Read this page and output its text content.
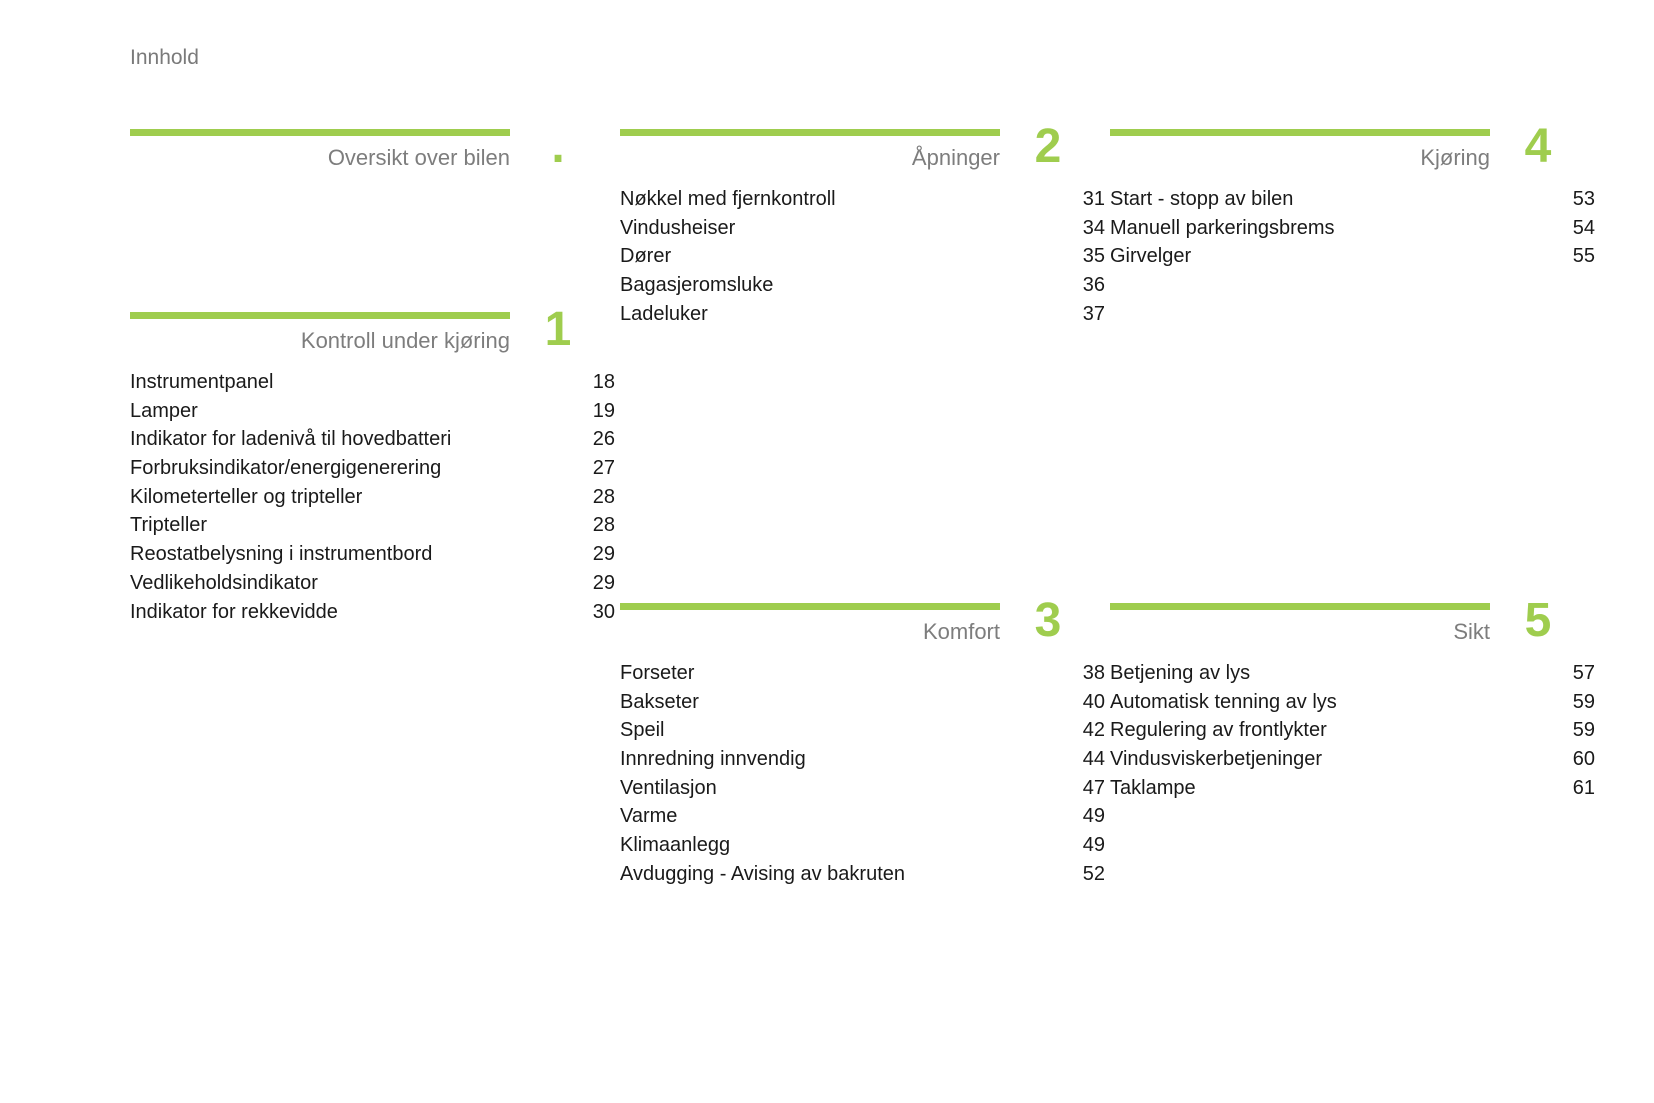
Innhold
Oversikt over bilen .
Kontroll under kjøring 1
Instrumentpanel	18
Lamper	19
Indikator for ladenivå til hovedbatteri	26
Forbruksindikator/energigenerering	27
Kilometerteller og tripteller	28
Tripteller	28
Reostatbelysning i instrumentbord	29
Vedlikeholdsindikator	29
Indikator for rekkevidde	30
Åpninger 2
Nøkkel med fjernkontroll	31
Vindusheiser	34
Dører	35
Bagasjeromsluke	36
Ladeluker	37
Komfort 3
Forseter	38
Bakseter	40
Speil	42
Innredning innvendig	44
Ventilasjon	47
Varme	49
Klimaanlegg	49
Avdugging - Avising av bakruten	52
Kjøring 4
Start - stopp av bilen	53
Manuell parkeringsbrems	54
Girvelger	55
Sikt 5
Betjening av lys	57
Automatisk tenning av lys	59
Regulering av frontlykter	59
Vindusviskerbetjeninger	60
Taklampe	61
